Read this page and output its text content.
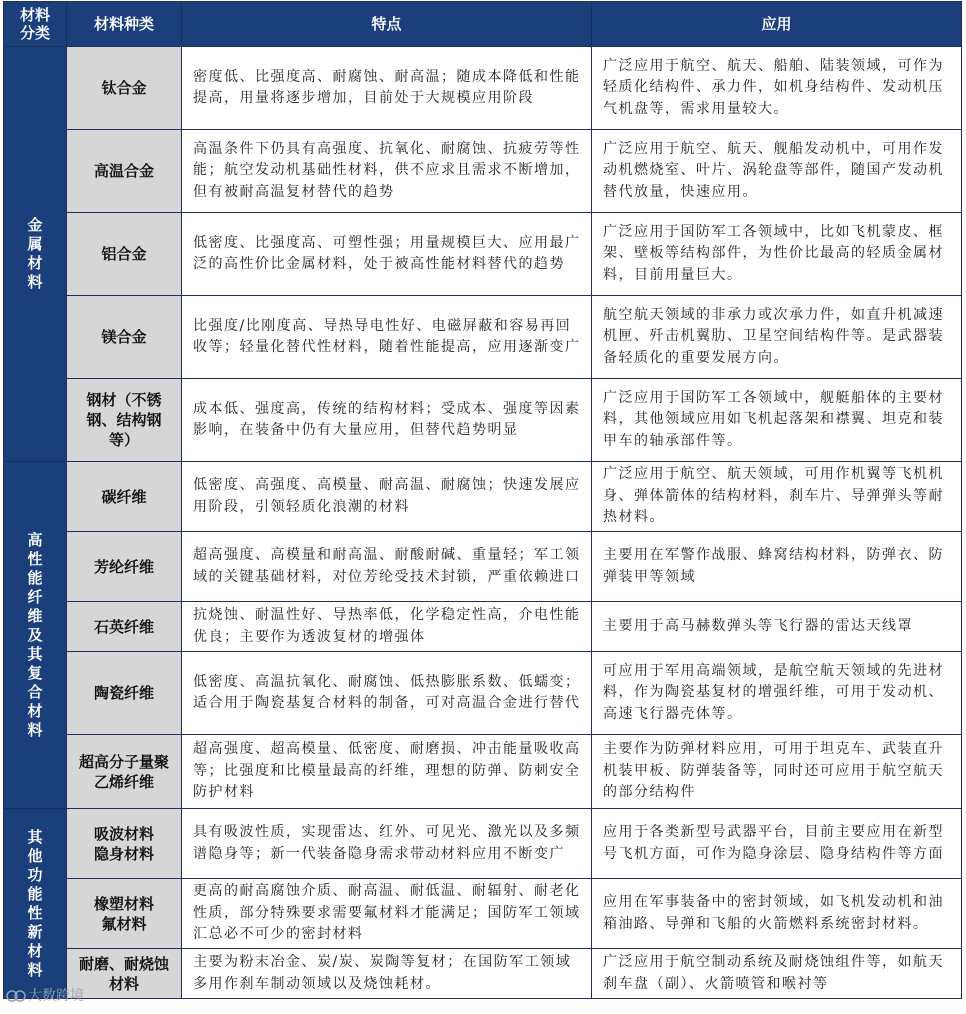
材料分类	材料种类	特点	应用
金属材料	钛合金	密度低、比强度高、耐腐蚀、耐高温；随成本降低和性能提高，用量将逐步增加，目前处于大规模应用阶段	广泛应用于航空、航天、船舶、陆装领域，可作为轻质化结构件、承力件，如机身结构件、发动机压气机盘等，需求用量较大。
	高温合金	高温条件下仍具有高强度、抗氧化、耐腐蚀、抗疲劳等性能；航空发动机基础性材料，供不应求且需求不断增加，但有被耐高温复材替代的趋势	广泛应用于航空、航天、舰船发动机中，可用作发动机燃烧室、叶片、涡轮盘等部件，随国产发动机替代放量，快速应用。
	铝合金	低密度、比强度高、可塑性强；用量规模巨大、应用最广泛的高性价比金属材料，处于被高性能材料替代的趋势	广泛应用于国防军工各领域中，比如飞机蒙皮、框架、壁板等结构部件，为性价比最高的轻质金属材料，目前用量巨大。
	镁合金	比强度/比刚度高、导热导电性好、电磁屏蔽和容易再回收等；轻量化替代性材料，随着性能提高，应用逐渐变广	航空航天领域的非承力或次承力件，如直升机减速机匣、歼击机翼肋、卫星空间结构件等。是武器装备轻质化的重要发展方向。
	钢材（不锈钢、结构钢等）	成本低、强度高，传统的结构材料；受成本、强度等因素影响，在装备中仍有大量应用，但替代趋势明显	广泛应用于国防军工各领域中，舰艇船体的主要材料，其他领域应用如飞机起落架和襟翼、坦克和装甲车的轴承部件等。
高性能纤维及其复合材料	碳纤维	低密度、高强度、高模量、耐高温、耐腐蚀；快速发展应用阶段，引领轻质化浪潮的材料	广泛应用于航空、航天领域，可用作机翼等飞机机身、弹体箭体的结构材料，刹车片、导弹弹头等耐热材料。
	芳纶纤维	超高强度、高模量和耐高温、耐酸耐碱、重量轻；军工领域的关键基础材料，对位芳纶受技术封锁，严重依赖进口	主要用在军警作战服、蜂窝结构材料，防弹衣、防弹装甲等领域
	石英纤维	抗烧蚀、耐温性好、导热率低，化学稳定性高，介电性能优良；主要作为透波复材的增强体	主要用于高马赫数弹头等飞行器的雷达天线罩
	陶瓷纤维	低密度、高温抗氧化、耐腐蚀、低热膨胀系数、低蠕变；适合用于陶瓷基复合材料的制备，可对高温合金进行替代	可应用于军用高端领域，是航空航天领域的先进材料，作为陶瓷基复材的增强纤维，可用于发动机、高速飞行器壳体等。
	超高分子量聚乙烯纤维	超高强度、超高模量、低密度、耐磨损、冲击能量吸收高等；比强度和比模量最高的纤维，理想的防弹、防刺安全防护材料	主要作为防弹材料应用，可用于坦克车、武装直升机装甲板、防弹装备等，同时还可应用于航空航天的部分结构件
其他功能性新材料	吸波材料隐身材料	具有吸波性质，实现雷达、红外、可见光、激光以及多频谱隐身等；新一代装备隐身需求带动材料应用不断变广	应用于各类新型号武器平台，目前主要应用在新型号飞机方面，可作为隐身涂层、隐身结构件等方面
	橡塑材料氟材料	更高的耐高腐蚀介质、耐高温、耐低温、耐辐射、耐老化性质，部分特殊要求需要氟材料才能满足；国防军工领域汇总必不可少的密封材料	应用在军事装备中的密封领域，如飞机发动机和油箱油路、导弹和飞船的火箭燃料系统密封材料。
	耐磨、耐烧蚀材料	主要为粉末冶金、炭/炭、炭陶等复材；在国防军工领域多用作刹车制动领域以及烧蚀耗材。	广泛应用于航空制动系统及耐烧蚀组件等，如航天刹车盘（副）、火箭喷管和喉衬等
大数跨境
